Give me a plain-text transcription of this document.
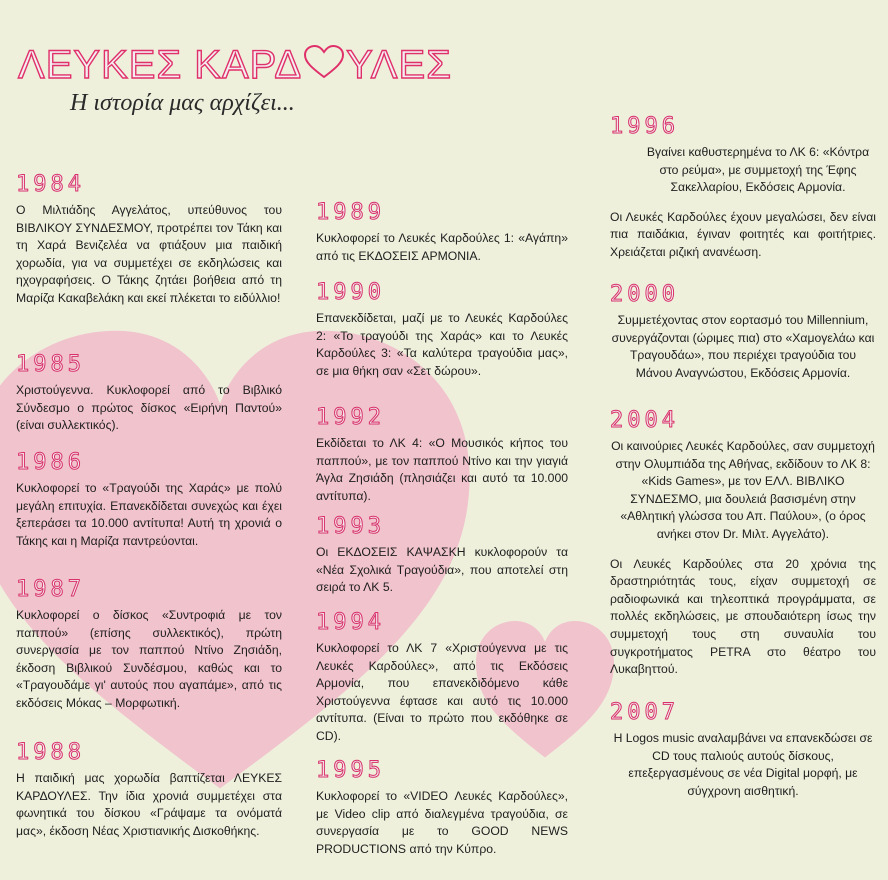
ΛΕΥΚΕΣ ΚΑΡΔ ΥΛΕΣ
Η ιστορία μας αρχίζει...
1984
Ο Μιλτιάδης Αγγελάτος, υπεύθυνος του ΒΙΒΛΙΚΟΥ ΣΥΝΔΕΣΜΟΥ, προτρέπει τον Τάκη και τη Χαρά Βενιζελέα να φτιάξουν μια παιδική χορωδία, για να συμμετέχει σε εκδηλώσεις και ηχογραφήσεις. Ο Τάκης ζητάει βοήθεια από τη Μαρίζα Κακαβελάκη και εκεί πλέκεται το ειδύλλιο!
1985
Χριστούγεννα. Κυκλοφορεί από το Βιβλικό Σύνδεσμο ο πρώτος δίσκος «Ειρήνη Παντού» (είναι συλλεκτικός).
1986
Κυκλοφορεί το «Τραγούδι της Χαράς» με πολύ μεγάλη επιτυχία. Επανεκδίδεται συνεχώς και έχει ξεπεράσει τα 10.000 αντίτυπα! Αυτή τη χρονιά ο Τάκης και η Μαρίζα παντρεύονται.
1987
Κυκλοφορεί ο δίσκος «Συντροφιά με τον παππού» (επίσης συλλεκτικός), πρώτη συνεργασία με τον παππού Ντίνο Ζησιάδη, έκδοση Βιβλικού Συνδέσμου, καθώς και το «Τραγουδάμε γι' αυτούς που αγαπάμε», από τις εκδόσεις Μόκας – Μορφωτική.
1988
Η παιδική μας χορωδία βαπτίζεται ΛΕΥΚΕΣ ΚΑΡΔΟΥΛΕΣ. Την ίδια χρονιά συμμετέχει στα φωνητικά του δίσκου «Γράψαμε τα ονόματά μας», έκδοση Νέας Χριστιανικής Δισκοθήκης.
1989
Κυκλοφορεί το Λευκές Καρδούλες 1: «Αγάπη» από τις ΕΚΔΟΣΕΙΣ ΑΡΜΟΝΙΑ.
1990
Επανεκδίδεται, μαζί με το Λευκές Καρδούλες 2: «Το τραγούδι της Χαράς» και το Λευκές Καρδούλες 3: «Τα καλύτερα τραγούδια μας», σε μια θήκη σαν «Σετ δώρου».
1992
Εκδίδεται το ΛΚ 4: «Ο Μουσικός κήπος του παππού», με τον παππού Ντίνο και την γιαγιά Άγλα Ζησιάδη (πλησιάζει και αυτό τα 10.000 αντίτυπα).
1993
Οι ΕΚΔΟΣΕΙΣ ΚΑΨΑΣΚΗ κυκλοφορούν τα «Νέα Σχολικά Τραγούδια», που αποτελεί στη σειρά το ΛΚ 5.
1994
Κυκλοφορεί το ΛΚ 7 «Χριστούγεννα με τις Λευκές Καρδούλες», από τις Εκδόσεις Αρμονία, που επανεκδιδόμενο κάθε Χριστούγεννα έφτασε και αυτό τις 10.000 αντίτυπα. (Είναι το πρώτο που εκδόθηκε σε CD).
1995
Κυκλοφορεί το «VIDEO Λευκές Καρδούλες», με Video clip από διαλεγμένα τραγούδια, σε συνεργασία με το GOOD NEWS PRODUCTIONS από την Κύπρο.
1996
Βγαίνει καθυστερημένα το ΛΚ 6: «Κόντρα στο ρεύμα», με συμμετοχή της Έφης Σακελλαρίου, Εκδόσεις Αρμονία.
Οι Λευκές Καρδούλες έχουν μεγαλώσει, δεν είναι πια παιδάκια, έγιναν φοιτητές και φοιτήτριες. Χρειάζεται ριζική ανανέωση.
2000
Συμμετέχοντας στον εορτασμό του Millennium, συνεργάζονται (ώριμες πια) στο «Χαμογελάω και Τραγουδάω», που περιέχει τραγούδια του Μάνου Αναγνώστου, Εκδόσεις Αρμονία.
2004
Οι καινούριες Λευκές Καρδούλες, σαν συμμετοχή στην Ολυμπιάδα της Αθήνας, εκδίδουν το ΛΚ 8: «Kids Games», με τον ΕΛΛ. ΒΙΒΛΙΚΟ ΣΥΝΔΕΣΜΟ, μια δουλειά βασισμένη στην «Αθλητική γλώσσα του Απ. Παύλου», (ο όρος ανήκει στον Dr. Μιλτ. Αγγελάτο).
Οι Λευκές Καρδούλες στα 20 χρόνια της δραστηριότητάς τους, είχαν συμμετοχή σε ραδιοφωνικά και τηλεοπτικά προγράμματα, σε πολλές εκδηλώσεις, με σπουδαιότερη ίσως την συμμετοχή τους στη συναυλία του συγκροτήματος PETRA στο θέατρο του Λυκαβηττού.
2007
Η Logos music αναλαμβάνει να επανεκδώσει σε CD τους παλιούς αυτούς δίσκους, επεξεργασμένους σε νέα Digital μορφή, με σύγχρονη αισθητική.
